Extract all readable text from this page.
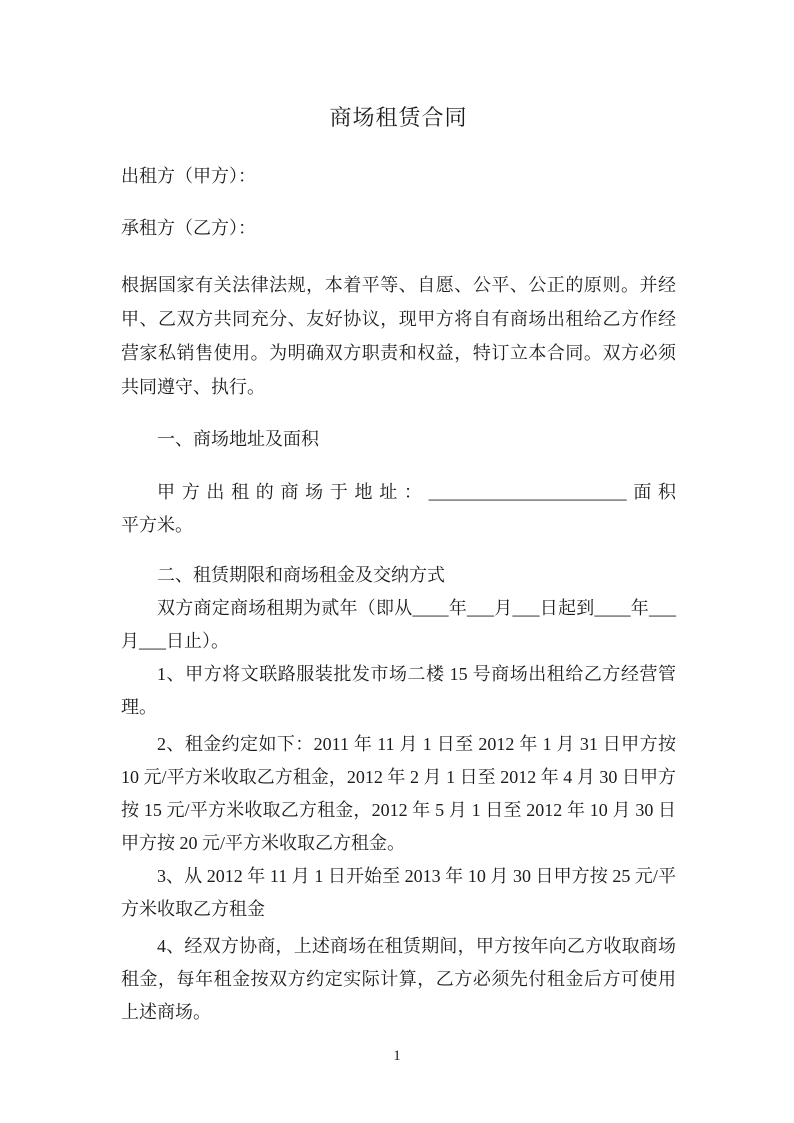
商场租赁合同

出租方（甲方）：

承租方（乙方）：

根据国家有关法律法规，本着平等、自愿、公平、公正的原则。并经甲、乙双方共同充分、友好协议，现甲方将自有商场出租给乙方作经营家私销售使用。为明确双方职责和权益，特订立本合同。双方必须共同遵守、执行。

一、商场地址及面积

甲方出租的商场于地址：______________________面积

平方米。

二、租赁期限和商场租金及交纳方式

双方商定商场租期为贰年（即从____年___月___日起到____年___月___日止）。

1、甲方将文联路服装批发市场二楼 15 号商场出租给乙方经营管理。

2、租金约定如下：2011 年 11 月 1 日至 2012 年 1 月 31 日甲方按 10 元/平方米收取乙方租金，2012 年 2 月 1 日至 2012 年 4 月 30 日甲方按 15 元/平方米收取乙方租金，2012 年 5 月 1 日至 2012 年 10 月 30 日甲方按 20 元/平方米收取乙方租金。

3、从 2012 年 11 月 1 日开始至 2013 年 10 月 30 日甲方按 25 元/平方米收取乙方租金

4、经双方协商，上述商场在租赁期间，甲方按年向乙方收取商场租金，每年租金按双方约定实际计算，乙方必须先付租金后方可使用上述商场。

1
